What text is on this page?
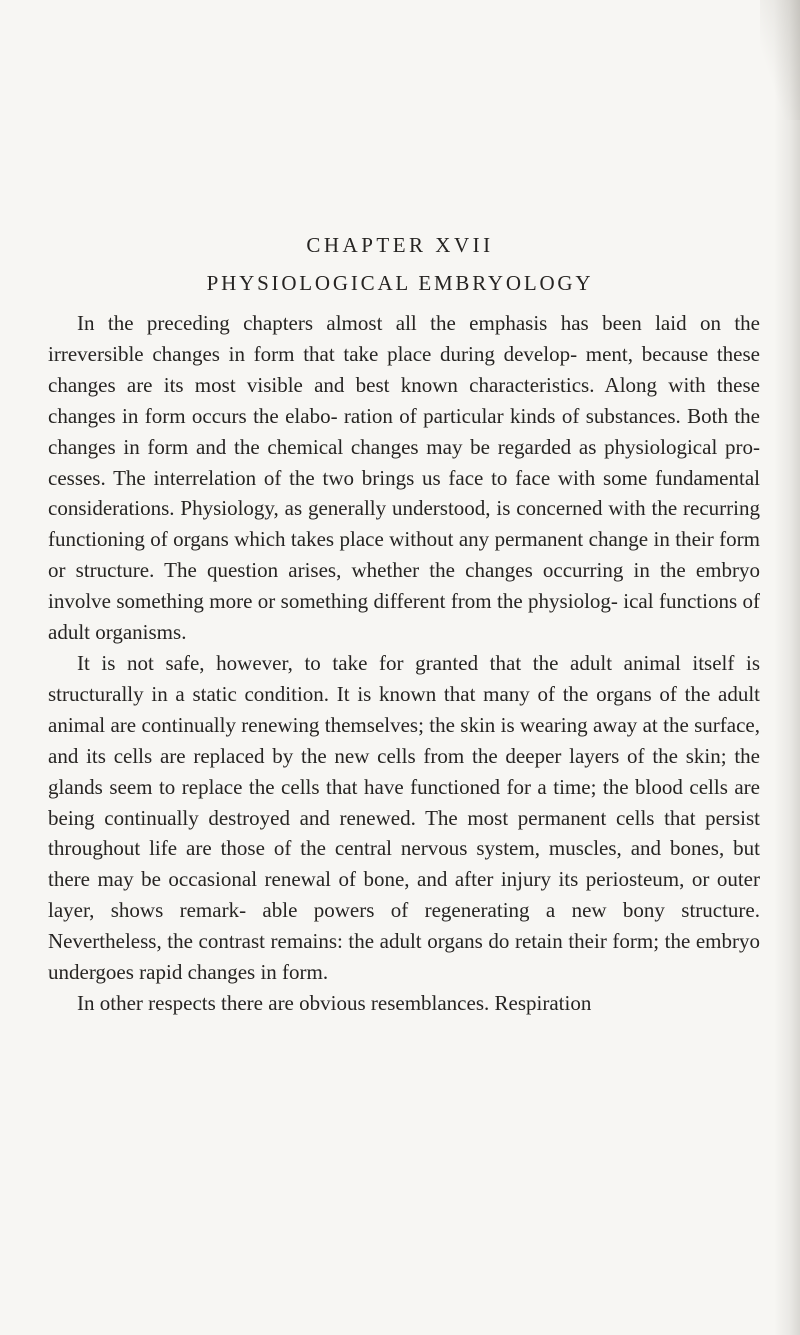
CHAPTER XVII
PHYSIOLOGICAL EMBRYOLOGY

In the preceding chapters almost all the emphasis has been laid on the irreversible changes in form that take place during develop- ment, because these changes are its most visible and best known characteristics. Along with these changes in form occurs the elabo- ration of particular kinds of substances. Both the changes in form and the chemical changes may be regarded as physiological pro- cesses. The interrelation of the two brings us face to face with some fundamental considerations. Physiology, as generally understood, is concerned with the recurring functioning of organs which takes place without any permanent change in their form or structure. The question arises, whether the changes occurring in the embryo involve something more or something different from the physiolog- ical functions of adult organisms.

It is not safe, however, to take for granted that the adult animal itself is structurally in a static condition. It is known that many of the organs of the adult animal are continually renewing themselves; the skin is wearing away at the surface, and its cells are replaced by the new cells from the deeper layers of the skin; the glands seem to replace the cells that have functioned for a time; the blood cells are being continually destroyed and renewed. The most permanent cells that persist throughout life are those of the central nervous system, muscles, and bones, but there may be occasional renewal of bone, and after injury its periosteum, or outer layer, shows remark- able powers of regenerating a new bony structure. Nevertheless, the contrast remains: the adult organs do retain their form; the embryo undergoes rapid changes in form.

In other respects there are obvious resemblances. Respiration
